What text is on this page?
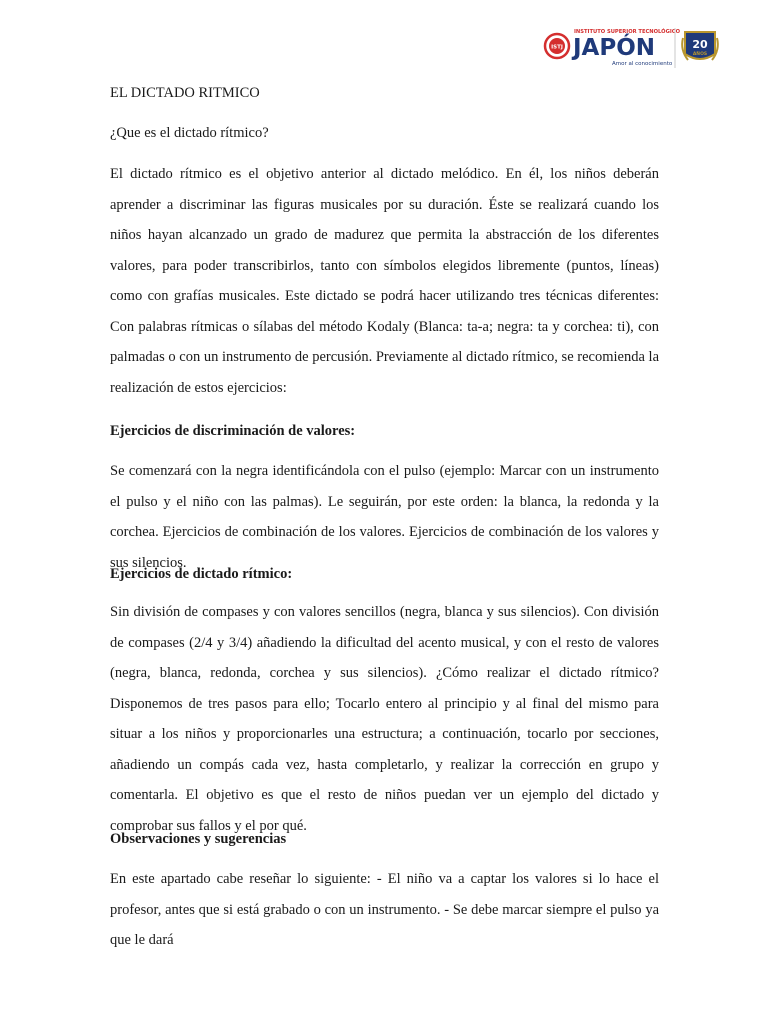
ISTJ
INSTITUTO SUPERIOR TECNOLÓGICO
JAPÓN
Amor al conocimiento
20
AÑOS

EL DICTADO RITMICO

¿Que es el dictado rítmico?

El dictado rítmico es el objetivo anterior al dictado melódico. En él, los niños deberán aprender a discriminar las figuras musicales por su duración. Éste se realizará cuando los niños hayan alcanzado un grado de madurez que permita la abstracción de los diferentes valores, para poder transcribirlos, tanto con símbolos elegidos libremente (puntos, líneas) como con grafías musicales. Este dictado se podrá hacer utilizando tres técnicas diferentes: Con palabras rítmicas o sílabas del método Kodaly (Blanca: ta-a; negra: ta y corchea: ti), con palmadas o con un instrumento de percusión. Previamente al dictado rítmico, se recomienda la realización de estos ejercicios:

Ejercicios de discriminación de valores:

Se comenzará con la negra identificándola con el pulso (ejemplo: Marcar con un instrumento el pulso y el niño con las palmas). Le seguirán, por este orden: la blanca, la redonda y la corchea. Ejercicios de combinación de los valores. Ejercicios de combinación de los valores y sus silencios.

Ejercicios de dictado rítmico:

Sin división de compases y con valores sencillos (negra, blanca y sus silencios). Con división de compases (2/4 y 3/4) añadiendo la dificultad del acento musical, y con el resto de valores (negra, blanca, redonda, corchea y sus silencios). ¿Cómo realizar el dictado rítmico? Disponemos de tres pasos para ello; Tocarlo entero al principio y al final del mismo para situar a los niños y proporcionarles una estructura; a continuación, tocarlo por secciones, añadiendo un compás cada vez, hasta completarlo, y realizar la corrección en grupo y comentarla. El objetivo es que el resto de niños puedan ver un ejemplo del dictado y comprobar sus fallos y el por qué.

Observaciones y sugerencias

En este apartado cabe reseñar lo siguiente: - El niño va a captar los valores si lo hace el profesor, antes que si está grabado o con un instrumento. - Se debe marcar siempre el pulso ya que le dará
